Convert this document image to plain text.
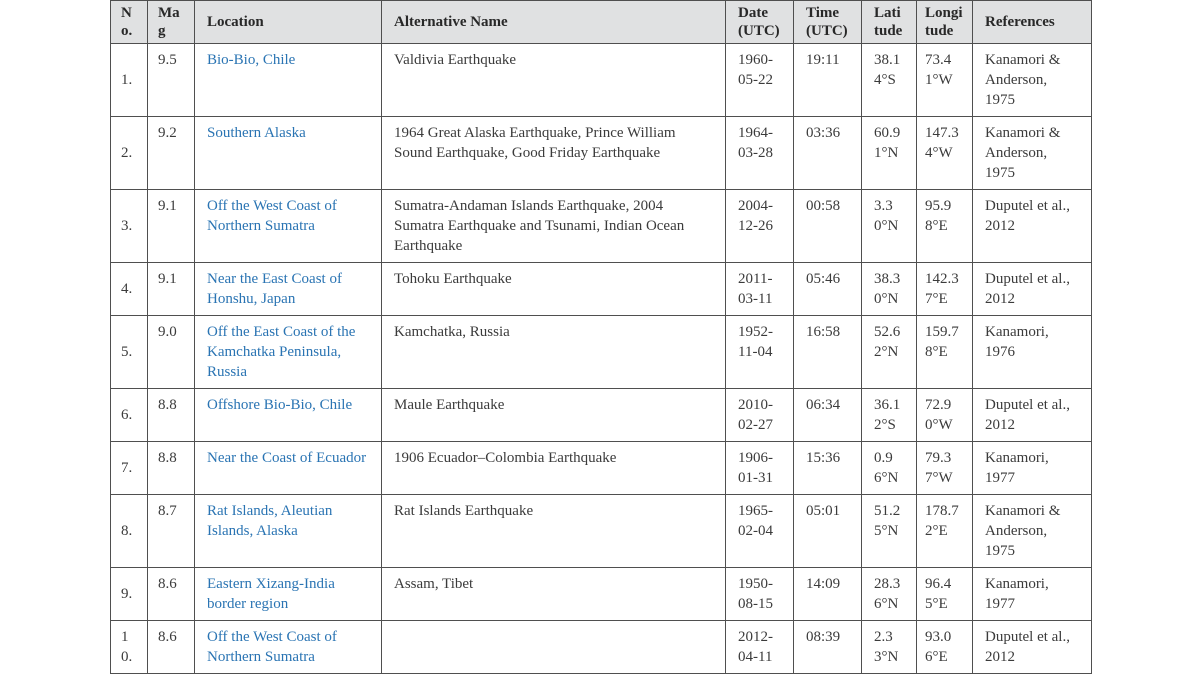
No.	Mag	Location	Alternative Name	Date (UTC)	Time (UTC)	Latitude	Longitude	References
1.	9.5	Bio-Bio, Chile	Valdivia Earthquake	1960-05-22	19:11	38.14°S	73.41°W	Kanamori & Anderson, 1975
2.	9.2	Southern Alaska	1964 Great Alaska Earthquake, Prince William Sound Earthquake, Good Friday Earthquake	1964-03-28	03:36	60.91°N	147.34°W	Kanamori & Anderson, 1975
3.	9.1	Off the West Coast of Northern Sumatra	Sumatra-Andaman Islands Earthquake, 2004 Sumatra Earthquake and Tsunami, Indian Ocean Earthquake	2004-12-26	00:58	3.30°N	95.98°E	Duputel et al., 2012
4.	9.1	Near the East Coast of Honshu, Japan	Tohoku Earthquake	2011-03-11	05:46	38.30°N	142.37°E	Duputel et al., 2012
5.	9.0	Off the East Coast of the Kamchatka Peninsula, Russia	Kamchatka, Russia	1952-11-04	16:58	52.62°N	159.78°E	Kanamori, 1976
6.	8.8	Offshore Bio-Bio, Chile	Maule Earthquake	2010-02-27	06:34	36.12°S	72.90°W	Duputel et al., 2012
7.	8.8	Near the Coast of Ecuador	1906 Ecuador–Colombia Earthquake	1906-01-31	15:36	0.96°N	79.37°W	Kanamori, 1977
8.	8.7	Rat Islands, Aleutian Islands, Alaska	Rat Islands Earthquake	1965-02-04	05:01	51.25°N	178.72°E	Kanamori & Anderson, 1975
9.	8.6	Eastern Xizang-India border region	Assam, Tibet	1950-08-15	14:09	28.36°N	96.45°E	Kanamori, 1977
10.	8.6	Off the West Coast of Northern Sumatra		2012-04-11	08:39	2.33°N	93.06°E	Duputel et al., 2012
